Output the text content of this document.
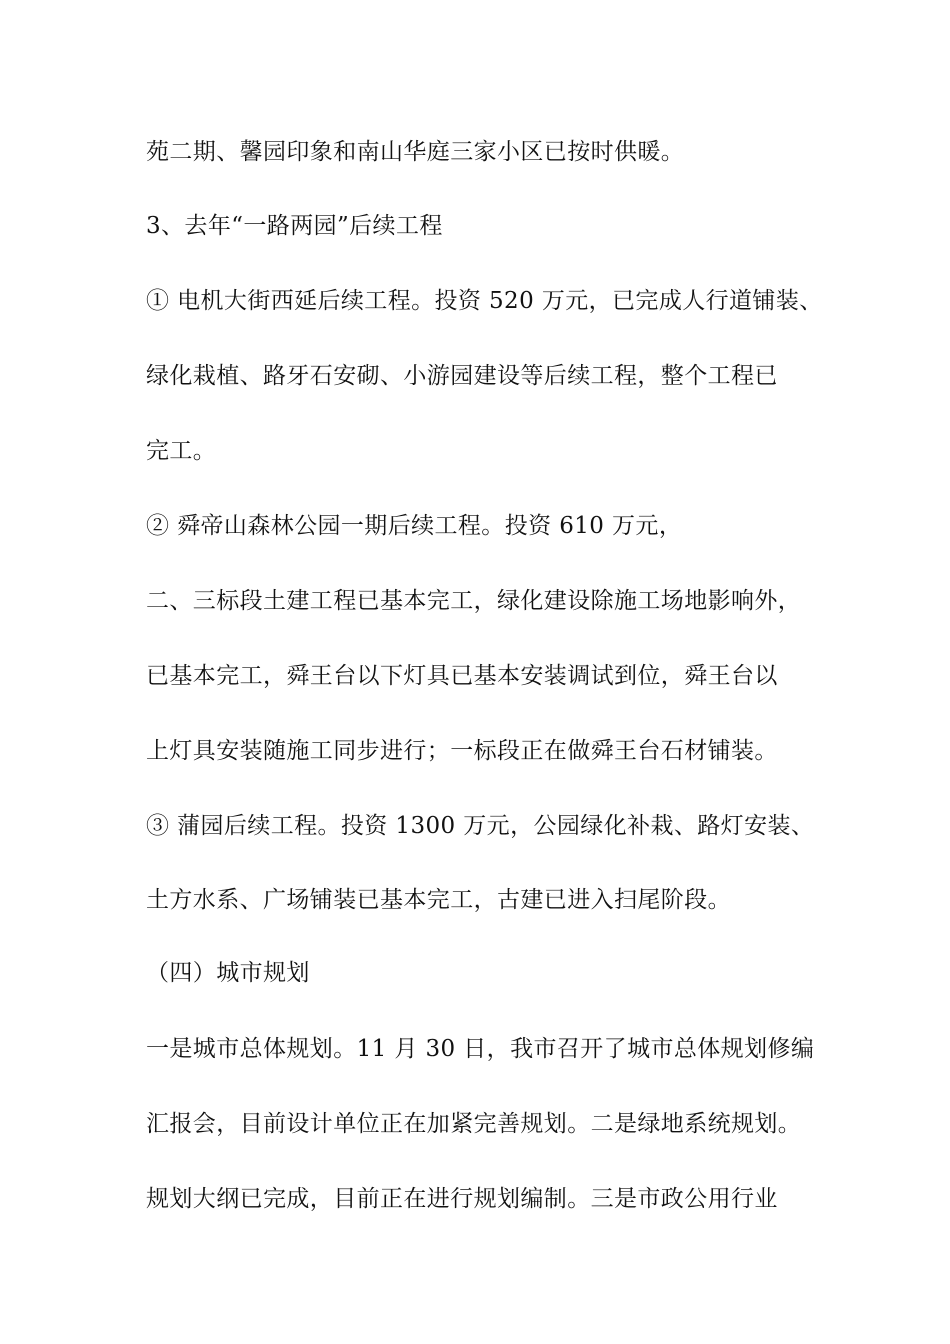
苑二期、馨园印象和南山华庭三家小区已按时供暖。
3、去年“一路两园”后续工程
① 电机大街西延后续工程。投资 520 万元，已完成人行道铺装、
绿化栽植、路牙石安砌、小游园建设等后续工程，整个工程已
完工。
② 舜帝山森林公园一期后续工程。投资 610 万元，
二、三标段土建工程已基本完工，绿化建设除施工场地影响外，
已基本完工，舜王台以下灯具已基本安装调试到位，舜王台以
上灯具安装随施工同步进行；一标段正在做舜王台石材铺装。
③ 蒲园后续工程。投资 1300 万元，公园绿化补栽、路灯安装、
土方水系、广场铺装已基本完工，古建已进入扫尾阶段。
（四）城市规划
一是城市总体规划。11 月 30 日，我市召开了城市总体规划修编
汇报会，目前设计单位正在加紧完善规划。二是绿地系统规划。
规划大纲已完成，目前正在进行规划编制。三是市政公用行业
